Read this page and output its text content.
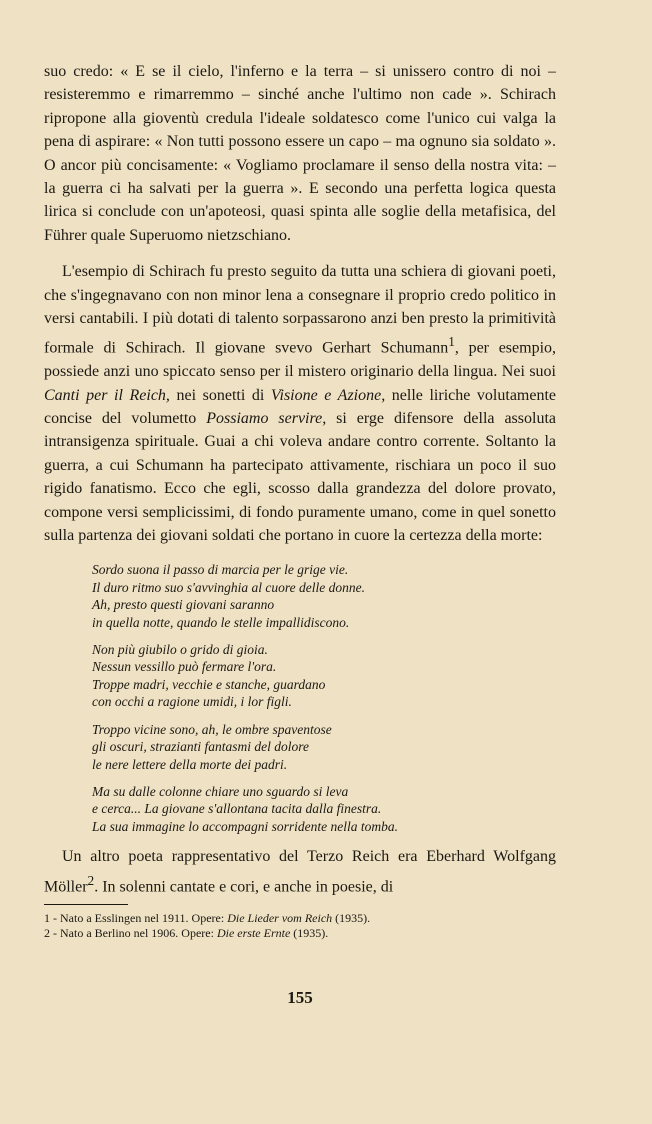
suo credo: « E se il cielo, l'inferno e la terra – si unissero contro di noi – resisteremmo e rimarremmo – sinché anche l'ultimo non cade ». Schirach ripropone alla gioventù credula l'ideale soldatesco come l'unico cui valga la pena di aspirare: « Non tutti possono essere un capo – ma ognuno sia soldato ». O ancor più concisamente: « Vogliamo proclamare il senso della nostra vita: – la guerra ci ha salvati per la guerra ». E secondo una perfetta logica questa lirica si conclude con un'apoteosi, quasi spinta alle soglie della metafisica, del Führer quale Superuomo nietzschiano.

L'esempio di Schirach fu presto seguito da tutta una schiera di giovani poeti, che s'ingegnavano con non minor lena a consegnare il proprio credo politico in versi cantabili. I più dotati di talento sorpassarono anzi ben presto la primitività formale di Schirach. Il giovane svevo Gerhart Schumann$^1$, per esempio, possiede anzi uno spiccato senso per il mistero originario della lingua. Nei suoi Canti per il Reich, nei sonetti di Visione e Azione, nelle liriche volutamente concise del volumetto Possiamo servire, si erge difensore della assoluta intransigenza spirituale. Guai a chi voleva andare contro corrente. Soltanto la guerra, a cui Schumann ha partecipato attivamente, rischiara un poco il suo rigido fanatismo. Ecco che egli, scosso dalla grandezza del dolore provato, compone versi semplicissimi, di fondo puramente umano, come in quel sonetto sulla partenza dei giovani soldati che portano in cuore la certezza della morte:

Sordo suona il passo di marcia per le grige vie.
Il duro ritmo suo s'avvinghia al cuore delle donne.
Ah, presto questi giovani saranno
in quella notte, quando le stelle impallidiscono.
Non più giubilo o grido di gioia.
Nessun vessillo può fermare l'ora.
Troppe madri, vecchie e stanche, guardano
con occhi a ragione umidi, i lor figli.
Troppo vicine sono, ah, le ombre spaventose
gli oscuri, strazianti fantasmi del dolore
le nere lettere della morte dei padri.
Ma su dalle colonne chiare uno sguardo si leva
e cerca... La giovane s'allontana tacita dalla finestra.
La sua immagine lo accompagni sorridente nella tomba.

Un altro poeta rappresentativo del Terzo Reich era Eberhard Wolfgang Möller$^2$. In solenni cantate e cori, e anche in poesie, di

1 - Nato a Esslingen nel 1911. Opere: Die Lieder vom Reich (1935).
2 - Nato a Berlino nel 1906. Opere: Die erste Ernte (1935).
155
